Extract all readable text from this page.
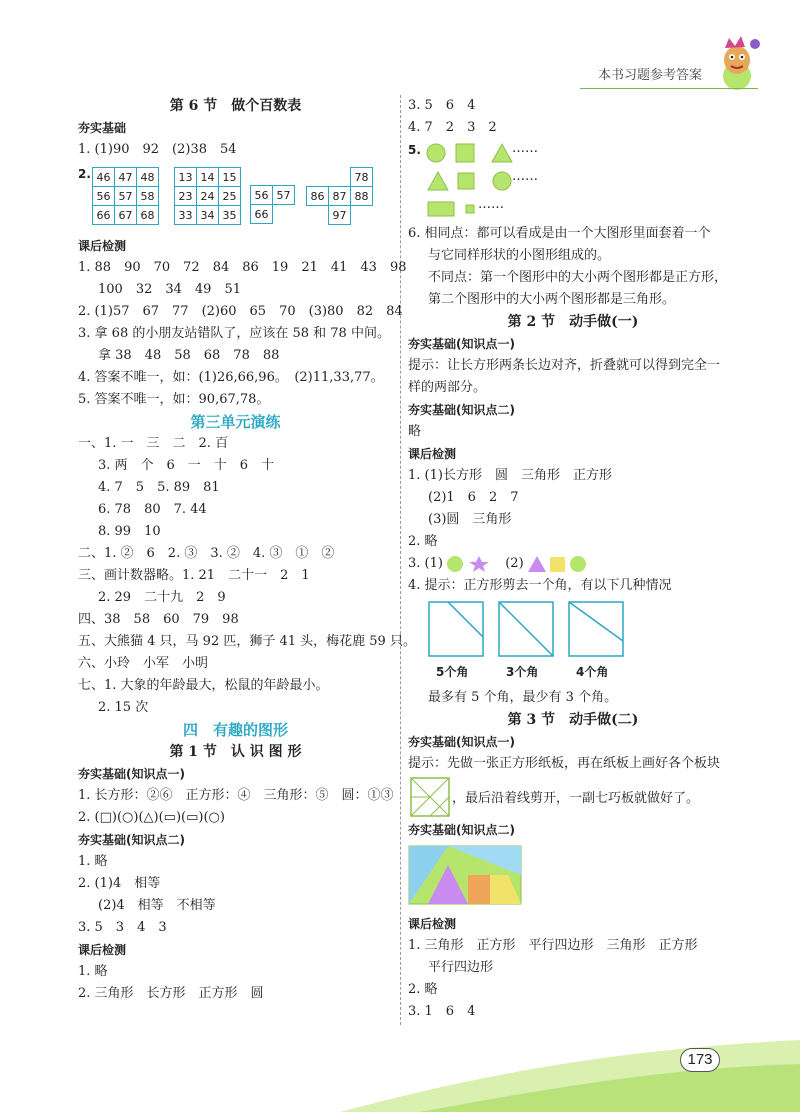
本书习题参考答案
第 6 节　做个百数表
夯实基础
1. (1)90　92　(2)38　54
2. 46	47	48
56	57	58
66	67	68
13	14	15
23	24	25
33	34	35

56	57
66	
		78
86	87	88
	97	
课后检测
1. 88　90　70　72　84　86　19　21　41　43　98
100　32　34　49　51
2. (1)57　67　77　(2)60　65　70　(3)80　82　84
3. 拿 68 的小朋友站错队了，应该在 58 和 78 中间。
拿 38　48　58　68　78　88
4. 答案不唯一，如：(1)26,66,96。　(2)11,33,77。
5. 答案不唯一，如：90,67,78。
第三单元演练
一、1. 一　三　二　2. 百
3. 两　个　6　一　十　6　十
4. 7　5　5. 89　81
6. 78　80　7. 44
8. 99　10
二、1. ②　6　2. ③　3. ②　4. ③　①　②
三、画计数器略。1. 21　二十一　2　1
2. 29　二十九　2　9
四、38　58　60　79　98
五、大熊猫 4 只，马 92 匹，狮子 41 头，梅花鹿 59 只。
六、小玲　小军　小明
七、1. 大象的年龄最大，松鼠的年龄最小。
2. 15 次
四　有趣的图形
第 1 节　认 识 图 形
夯实基础(知识点一)
1. 长方形：②⑥　正方形：④　三角形：⑤　圆：①③
2. (□)(○)(△)(▭)(▭)(○)
夯实基础(知识点二)
1. 略
2. (1)4　相等
(2)4　相等　不相等
3. 5　3　4　3
课后检测
1. 略
2. 三角形　长方形　正方形　圆
3. 5　6　4
4. 7　2　3　2
5.	……
……
……
6. 相同点：都可以看成是由一个大图形里面套着一个
与它同样形状的小图形组成的。
不同点：第一个图形中的大小两个图形都是正方形，
第二个图形中的大小两个图形都是三角形。
第 2 节　动手做(一)
夯实基础(知识点一)
提示：让长方形两条长边对齐，折叠就可以得到完全一
样的两部分。
夯实基础(知识点二)
略
课后检测
1. (1)长方形　圆　三角形　正方形
(2)1　6　2　7
(3)圆　三角形
2. 略
3. (1)	(2)
4. 提示：正方形剪去一个角，有以下几种情况
5个角	3个角	4个角
最多有 5 个角，最少有 3 个角。
第 3 节　动手做(二)
夯实基础(知识点一)
提示：先做一张正方形纸板，再在纸板上画好各个板块
，最后沿着线剪开，一副七巧板就做好了。
夯实基础(知识点二)
课后检测
1. 三角形　正方形　平行四边形　三角形　正方形
平行四边形
2. 略
3. 1　6　4
173
